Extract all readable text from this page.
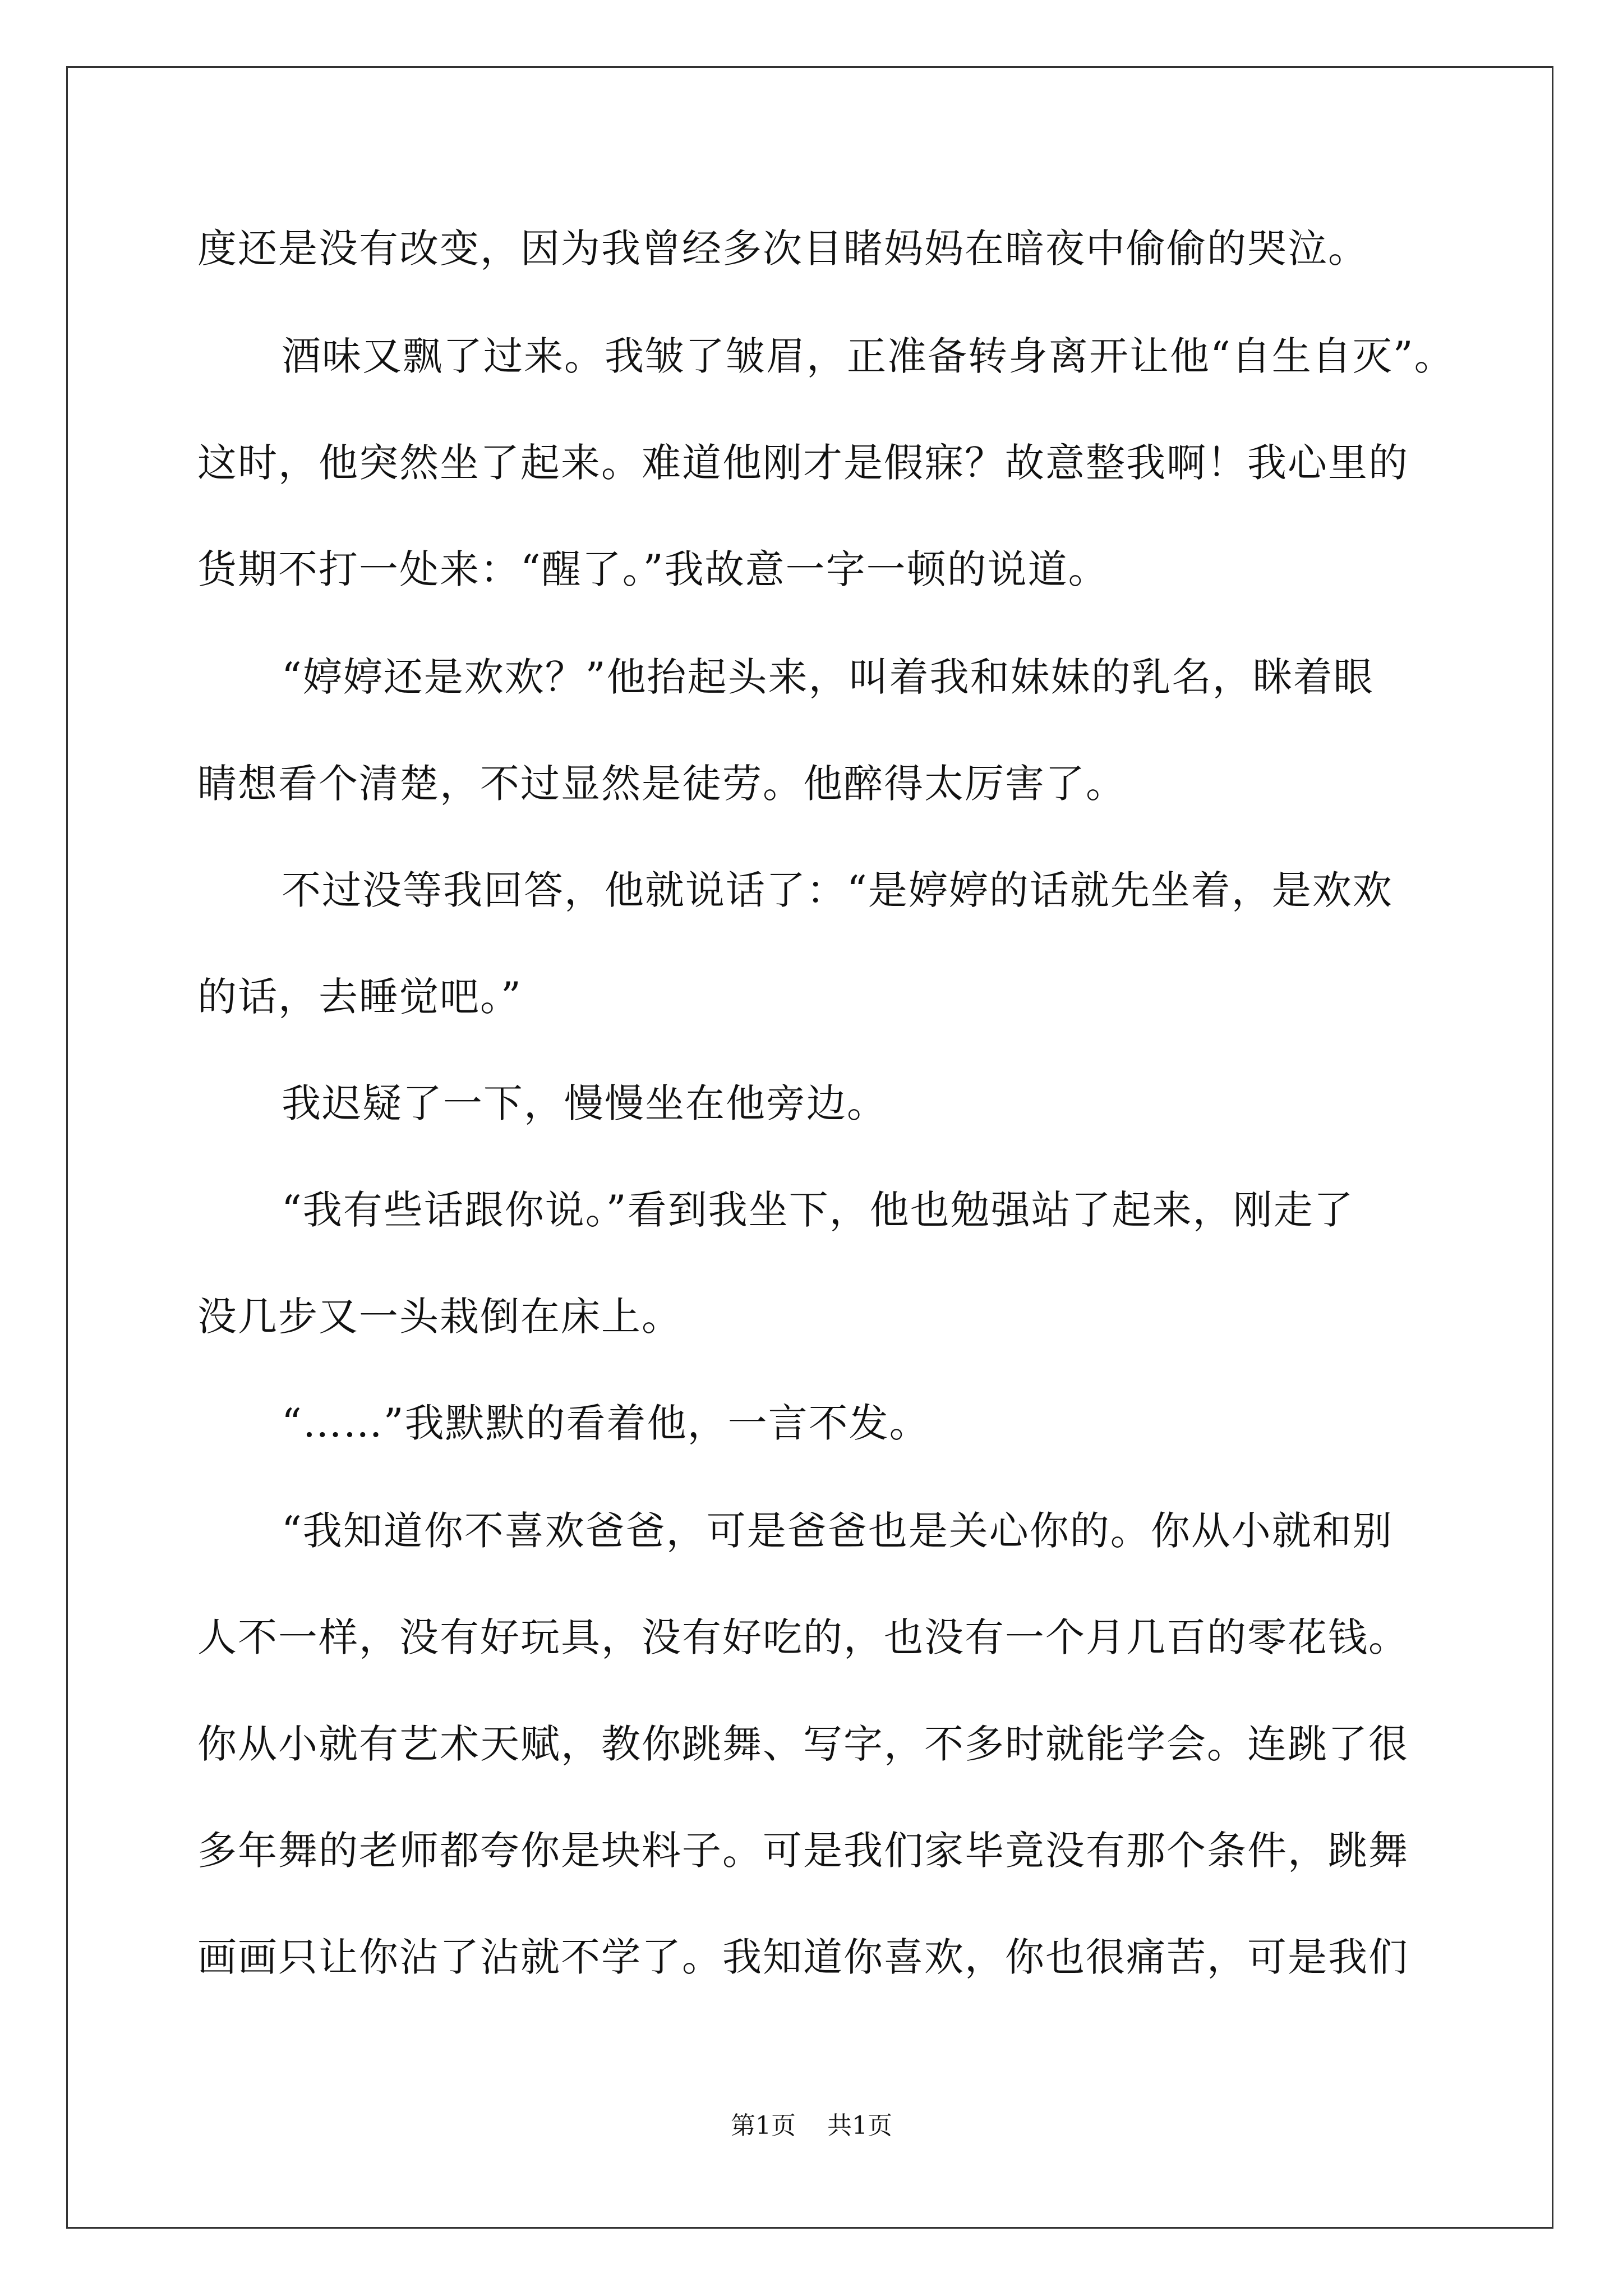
度还是没有改变，因为我曾经多次目睹妈妈在暗夜中偷偷的哭泣。
酒味又飘了过来。我皱了皱眉，正准备转身离开让他“自生自灭”。
这时，他突然坐了起来。难道他刚才是假寐？故意整我啊！我心里的
货期不打一处来：“醒了。”我故意一字一顿的说道。
“婷婷还是欢欢？”他抬起头来，叫着我和妹妹的乳名，眯着眼
睛想看个清楚，不过显然是徒劳。他醉得太厉害了。
不过没等我回答，他就说话了：“是婷婷的话就先坐着，是欢欢
的话，去睡觉吧。”
我迟疑了一下，慢慢坐在他旁边。
“我有些话跟你说。”看到我坐下，他也勉强站了起来，刚走了
没几步又一头栽倒在床上。
“……”我默默的看着他，一言不发。
“我知道你不喜欢爸爸，可是爸爸也是关心你的。你从小就和别
人不一样，没有好玩具，没有好吃的，也没有一个月几百的零花钱。
你从小就有艺术天赋，教你跳舞、写字，不多时就能学会。连跳了很
多年舞的老师都夸你是块料子。可是我们家毕竟没有那个条件，跳舞
画画只让你沾了沾就不学了。我知道你喜欢，你也很痛苦，可是我们
第1页    共1页
